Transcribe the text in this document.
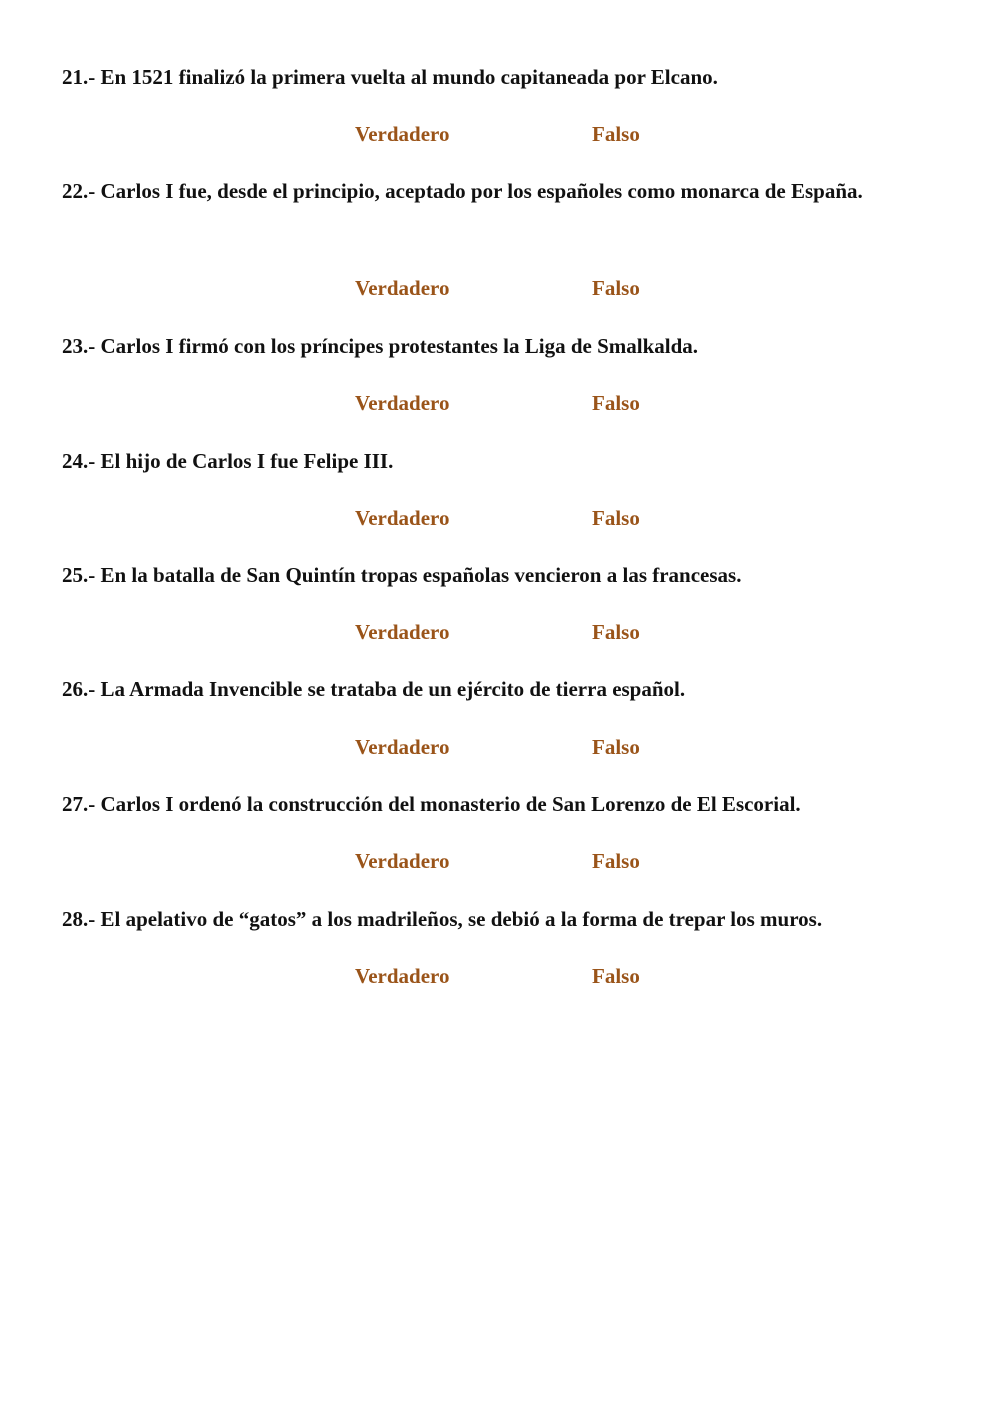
21.- En 1521 finalizó la primera vuelta al mundo capitaneada por Elcano.

Verdadero	Falso

22.- Carlos I fue, desde el principio, aceptado por los españoles como monarca de España.

Verdadero	Falso

23.- Carlos I firmó con los príncipes protestantes la Liga de Smalkalda.

Verdadero	Falso

24.- El hijo de Carlos I fue Felipe III.

Verdadero	Falso

25.- En la batalla de San Quintín tropas españolas vencieron a las francesas.

Verdadero	Falso

26.- La Armada Invencible se trataba de un ejército de tierra español.

Verdadero	Falso

27.- Carlos I ordenó la construcción del monasterio de San Lorenzo de El Escorial.

Verdadero	Falso

28.- El apelativo de “gatos” a los madrileños, se debió a la forma de trepar los muros.

Verdadero	Falso
